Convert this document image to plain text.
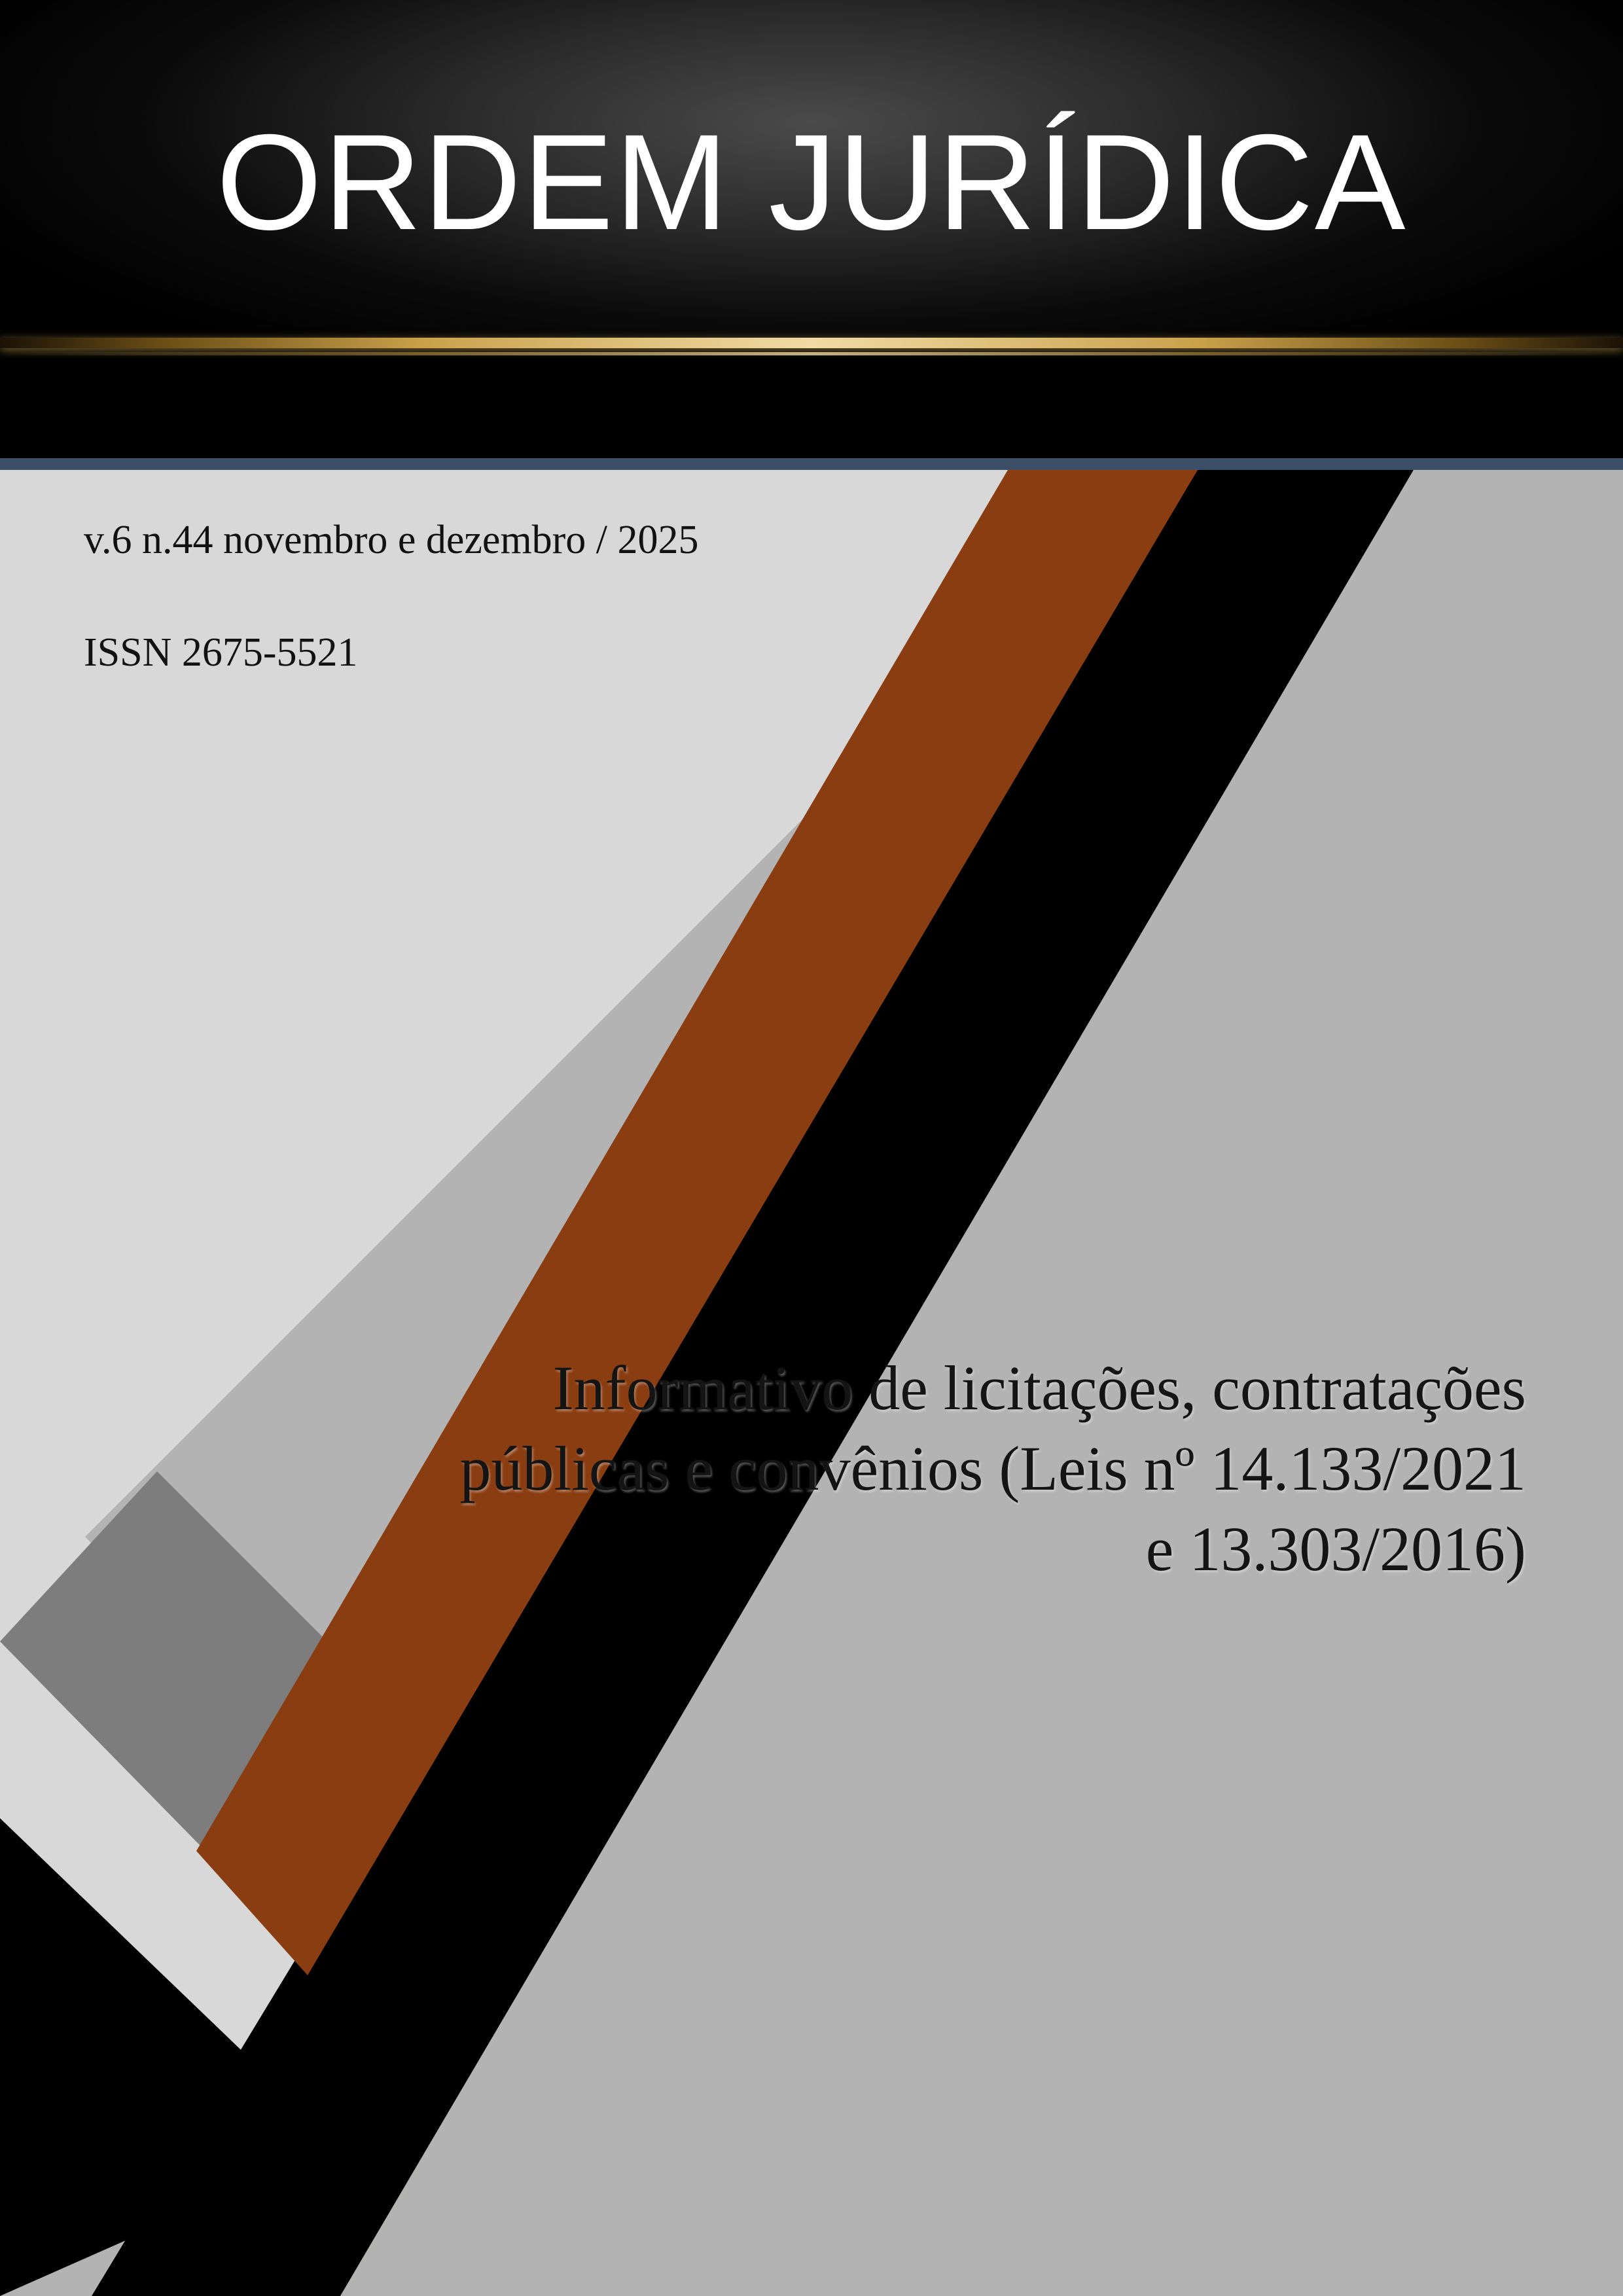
ORDEM JURÍDICA
v.6 n.44 novembro e dezembro / 2025
ISSN 2675-5521
Informativo de licitações, contratações públicas e convênios (Leis nº 14.133/2021 e 13.303/2016)
